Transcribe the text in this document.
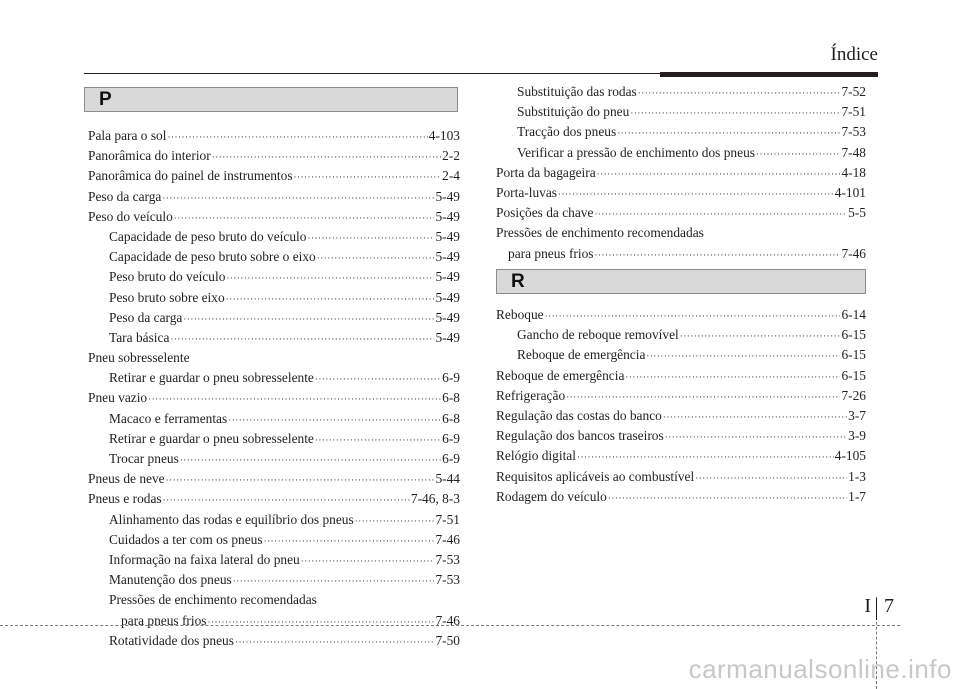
Índice
P
Pala para o sol ·····	4-103
Panorâmica do interior ·····	2-2
Panorâmica do painel de instrumentos ·····	2-4
Peso da carga ·····	5-49
Peso do veículo ·····	5-49
Capacidade de peso bruto do veículo ·····	5-49
Capacidade de peso bruto sobre o eixo ·····	5-49
Peso bruto do veículo ·····	5-49
Peso bruto sobre eixo ·····	5-49
Peso da carga ·····	5-49
Tara básica ·····	5-49
Pneu sobresselente
Retirar e guardar o pneu sobresselente ·····	6-9
Pneu vazio ·····	6-8
Macaco e ferramentas ·····	6-8
Retirar e guardar o pneu sobresselente ·····	6-9
Trocar pneus ·····	6-9
Pneus de neve ·····	5-44
Pneus e rodas ·····	7-46, 8-3
Alinhamento das rodas e equilíbrio dos pneus ·····	7-51
Cuidados a ter com os pneus ·····	7-46
Informação na faixa lateral do pneu ·····	7-53
Manutenção dos pneus ·····	7-53
Pressões de enchimento recomendadas
para pneus frios ·····	7-46
Rotatividade dos pneus ·····	7-50
Substituição das rodas ·····	7-52
Substituição do pneu ·····	7-51
Tracção dos pneus ·····	7-53
Verificar a pressão de enchimento dos pneus ·····	7-48
Porta da bagageira ·····	4-18
Porta-luvas ·····	4-101
Posições da chave ·····	5-5
Pressões de enchimento recomendadas
para pneus frios ·····	7-46
R
Reboque ·····	6-14
Gancho de reboque removível ·····	6-15
Reboque de emergência ·····	6-15
Reboque de emergência ·····	6-15
Refrigeração ·····	7-26
Regulação das costas do banco ·····	3-7
Regulação dos bancos traseiros ·····	3-9
Relógio digital ·····	4-105
Requisitos aplicáveis ao combustível ·····	1-3
Rodagem do veículo ·····	1-7
I 7
carmanualsonline.info
